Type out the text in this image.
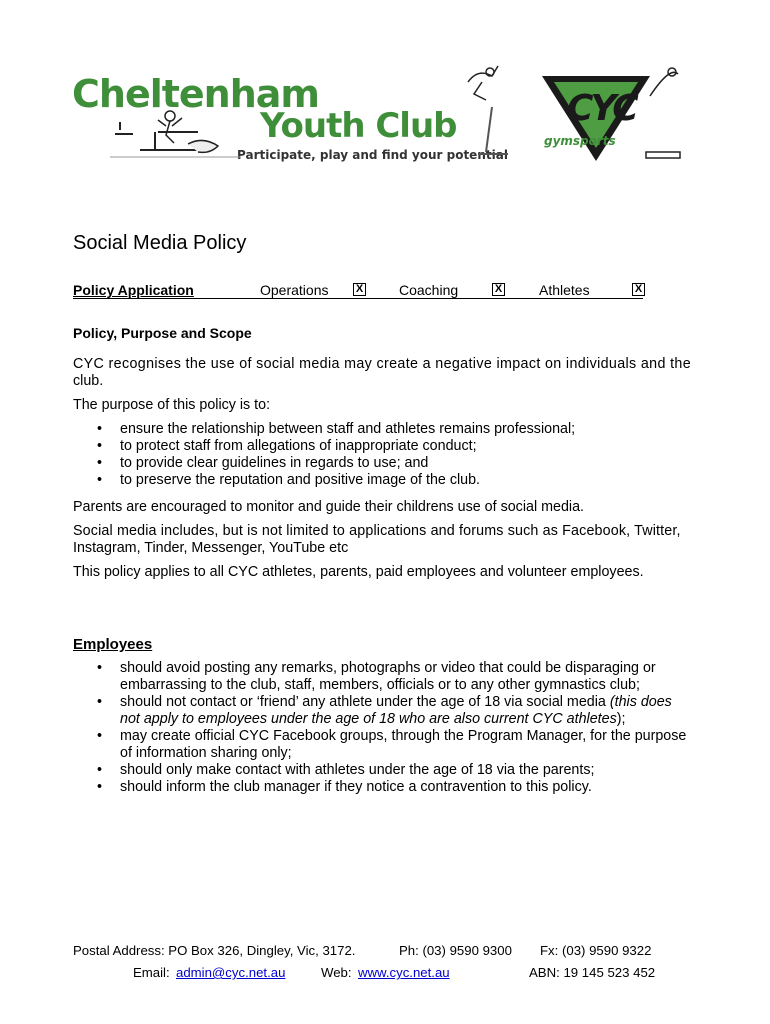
Cheltenham
Youth Club
Participate, play and find your potential
CYC
gymsports
Social Media Policy
Policy Application	Operations X	Coaching	X	Athletes	X
Policy, Purpose and Scope

CYC recognises the use of social media may create a negative impact on individuals and the
club.

The purpose of this policy is to:

• ensure the relationship between staff and athletes remains professional;
• to protect staff from allegations of inappropriate conduct;
• to provide clear guidelines in regards to use; and
• to preserve the reputation and positive image of the club.

Parents are encouraged to monitor and guide their childrens use of social media.

Social media includes, but is not limited to applications and forums such as Facebook, Twitter,
Instagram, Tinder, Messenger, YouTube etc

This policy applies to all CYC athletes, parents, paid employees and volunteer employees.

Employees
• should avoid posting any remarks, photographs or video that could be disparaging or embarrassing to the club, staff, members, officials or to any other gymnastics club;
• should not contact or ‘friend’ any athlete under the age of 18 via social media (this does not apply to employees under the age of 18 who are also current CYC athletes);
• may create official CYC Facebook groups, through the Program Manager, for the purpose of information sharing only;
• should only make contact with athletes under the age of 18 via the parents;
• should inform the club manager if they notice a contravention to this policy.
Postal Address: PO Box 326, Dingley, Vic, 3172.	Ph: (03) 9590 9300 Fx: (03) 9590 9322
Email: admin@cyc.net.au	Web: www.cyc.net.au	ABN: 19 145 523 452
